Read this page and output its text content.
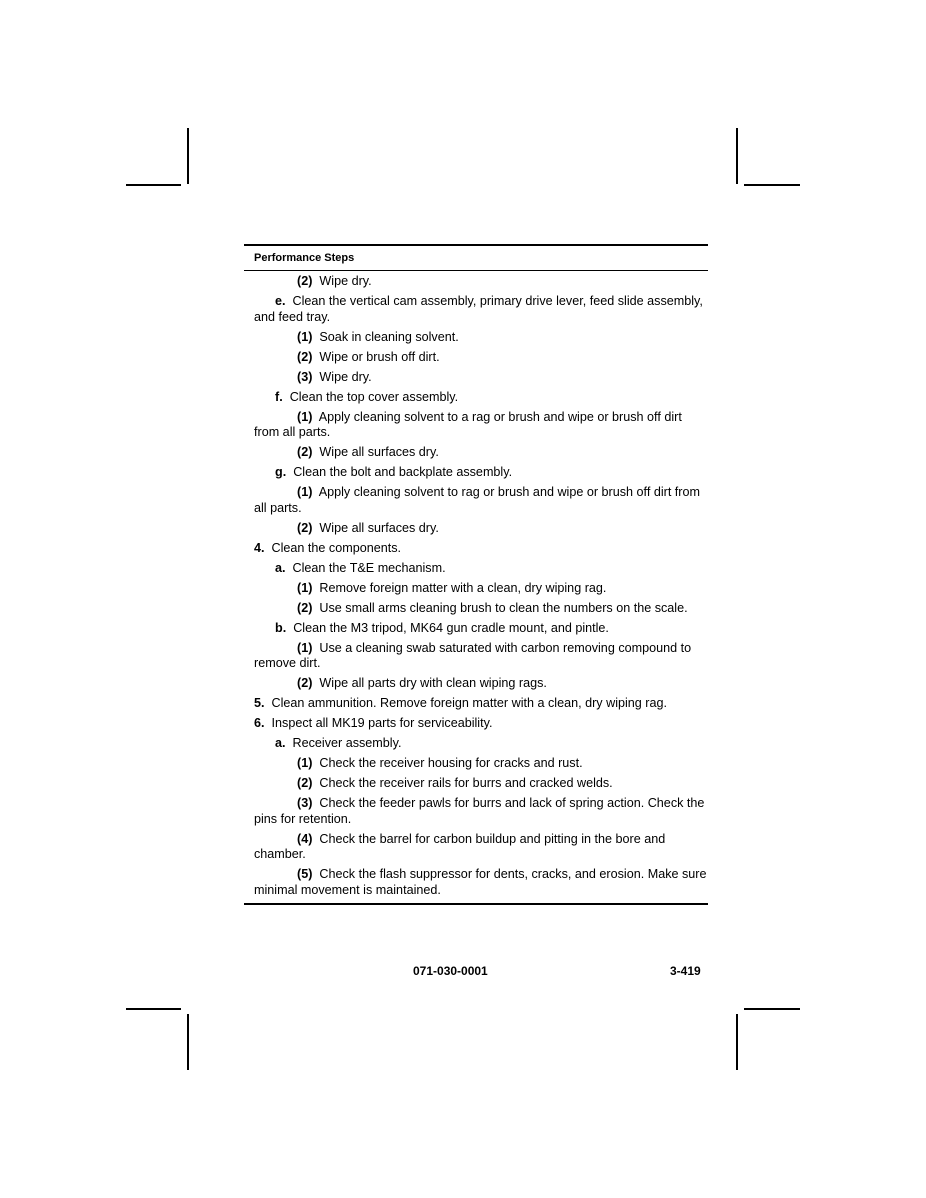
Performance Steps
(2) Wipe dry.
e. Clean the vertical cam assembly, primary drive lever, feed slide assembly, and feed tray.
(1) Soak in cleaning solvent.
(2) Wipe or brush off dirt.
(3) Wipe dry.
f. Clean the top cover assembly.
(1) Apply cleaning solvent to a rag or brush and wipe or brush off dirt from all parts.
(2) Wipe all surfaces dry.
g. Clean the bolt and backplate assembly.
(1) Apply cleaning solvent to rag or brush and wipe or brush off dirt from all parts.
(2) Wipe all surfaces dry.
4. Clean the components.
a. Clean the T&E mechanism.
(1) Remove foreign matter with a clean, dry wiping rag.
(2) Use small arms cleaning brush to clean the numbers on the scale.
b. Clean the M3 tripod, MK64 gun cradle mount, and pintle.
(1) Use a cleaning swab saturated with carbon removing compound to remove dirt.
(2) Wipe all parts dry with clean wiping rags.
5. Clean ammunition. Remove foreign matter with a clean, dry wiping rag.
6. Inspect all MK19 parts for serviceability.
a. Receiver assembly.
(1) Check the receiver housing for cracks and rust.
(2) Check the receiver rails for burrs and cracked welds.
(3) Check the feeder pawls for burrs and lack of spring action. Check the pins for retention.
(4) Check the barrel for carbon buildup and pitting in the bore and chamber.
(5) Check the flash suppressor for dents, cracks, and erosion. Make sure minimal movement is maintained.
071-030-0001	3-419
